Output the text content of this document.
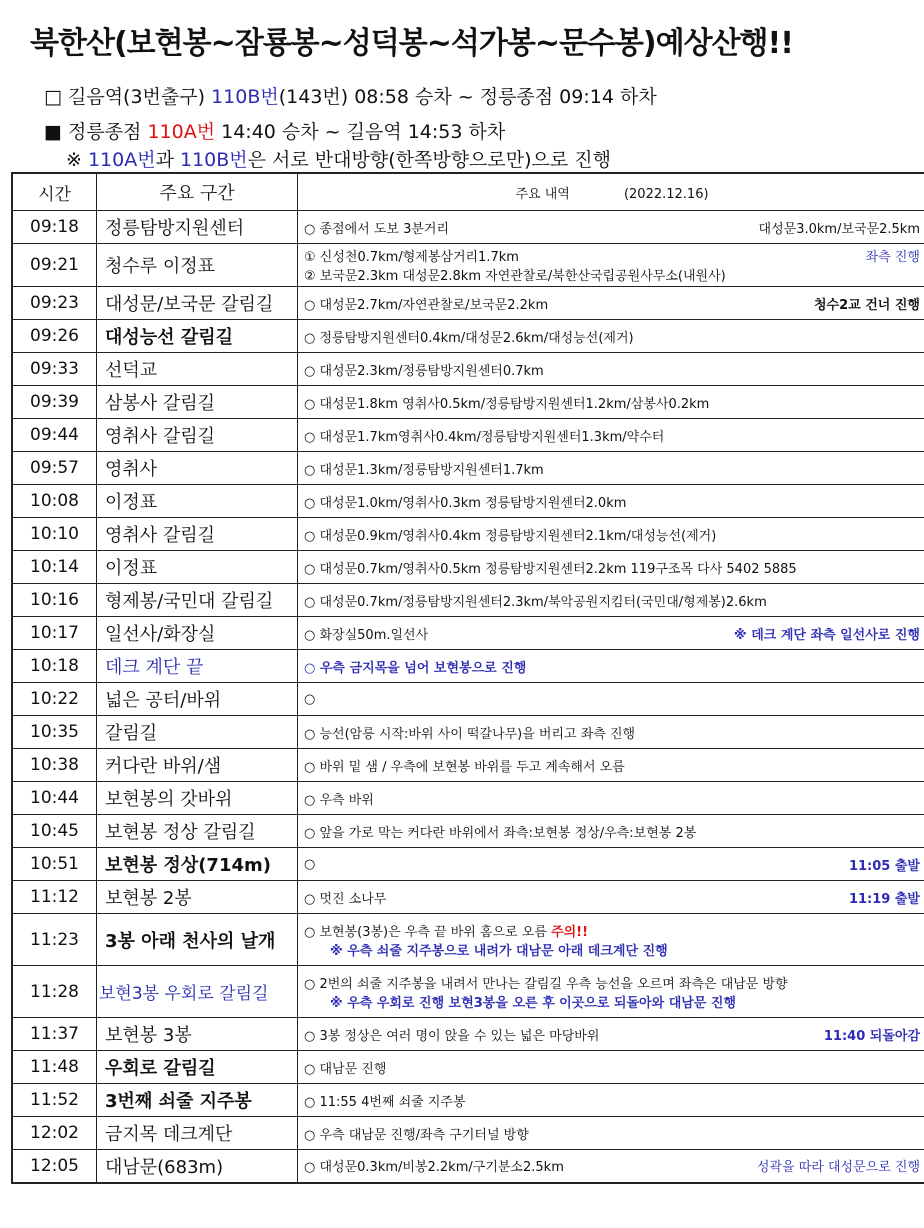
북한산(보현봉~잠룡봉~성덕봉~석가봉~문수봉)예상산행!!
□ 길음역(3번출구) 110B번(143번) 08:58 승차 ~ 정릉종점 09:14 하차
■ 정릉종점 110A번 14:40 승차 ~ 길음역 14:53 하차
※ 110A번과 110B번은 서로 반대방향(한쪽방향으로만)으로 진행
시간	주요 구간	주요 내역 (2022.12.16)
09:18	정릉탐방지원센터	○ 종점에서 도보 3분거리 대성문3.0km/보국문2.5km

09:21	청수루 이정표	① 신성천0.7km/형제봉삼거리1.7km 좌측 진행
② 보국문2.3km 대성문2.8km 자연관찰로/북한산국립공원사무소(내원사)

09:23	대성문/보국문 갈림길	○ 대성문2.7km/자연관찰로/보국문2.2km 청수2교 건너 진행

09:26	대성능선 갈림길	○ 정릉탐방지원센터0.4km/대성문2.6km/대성능선(제거)

09:33	선덕교	○ 대성문2.3km/정릉탐방지원센터0.7km

09:39	삼봉사 갈림길	○ 대성문1.8km 영취사0.5km/정릉탐방지원센터1.2km/삼봉사0.2km

09:44	영취사 갈림길	○ 대성문1.7km영취사0.4km/정릉탐방지원센터1.3km/약수터

09:57	영취사	○ 대성문1.3km/정릉탐방지원센터1.7km

10:08	이정표	○ 대성문1.0km/영취사0.3km 정릉탐방지원센터2.0km

10:10	영취사 갈림길	○ 대성문0.9km/영취사0.4km 정릉탐방지원센터2.1km/대성능선(제거)

10:14	이정표	○ 대성문0.7km/영취사0.5km 정릉탐방지원센터2.2km 119구조목 다사 5402 5885

10:16	형제봉/국민대 갈림길	○ 대성문0.7km/정릉탐방지원센터2.3km/북악공원지킴터(국민대/형제봉)2.6km

10:17	일선사/화장실	○ 화장실50m.일선사 ※ 데크 계단 좌측 일선사로 진행

10:18	데크 계단 끝	○ 우측 금지목을 넘어 보현봉으로 진행

10:22	넓은 공터/바위	○

10:35	갈림길	○ 능선(암릉 시작:바위 사이 떡갈나무)을 버리고 좌측 진행

10:38	커다란 바위/샘	○ 바위 밑 샘 / 우측에 보현봉 바위를 두고 계속해서 오름

10:44	보현봉의 갓바위	○ 우측 바위

10:45	보현봉 정상 갈림길	○ 앞을 가로 막는 커다란 바위에서 좌측:보현봉 정상/우측:보현봉 2봉

10:51	보현봉 정상(714m)	○ 11:05 출발

11:12	보현봉 2봉	○ 멋진 소나무 11:19 출발

11:23	3봉 아래 천사의 날개	○ 보현봉(3봉)은 우측 끝 바위 홈으로 오름 주의!!
※ 우측 쇠줄 지주봉으로 내려가 대남문 아래 데크계단 진행

11:28	보현3봉 우회로 갈림길	○ 2번의 쇠줄 지주봉을 내려서 만나는 갈림길 우측 능선을 오르며 좌측은 대남문 방향
※ 우측 우회로 진행 보현3봉을 오른 후 이곳으로 되돌아와 대남문 진행

11:37	보현봉 3봉	○ 3봉 정상은 여러 명이 앉을 수 있는 넓은 마당바위 11:40 되돌아감

11:48	우회로 갈림길	○ 대남문 진행

11:52	3번째 쇠줄 지주봉	○ 11:55 4번째 쇠줄 지주봉

12:02	금지목 데크계단	○ 우측 대남문 진행/좌측 구기터널 방향

12:05	대남문(683m)	○ 대성문0.3km/비봉2.2km/구기분소2.5km 성곽을 따라 대성문으로 진행
